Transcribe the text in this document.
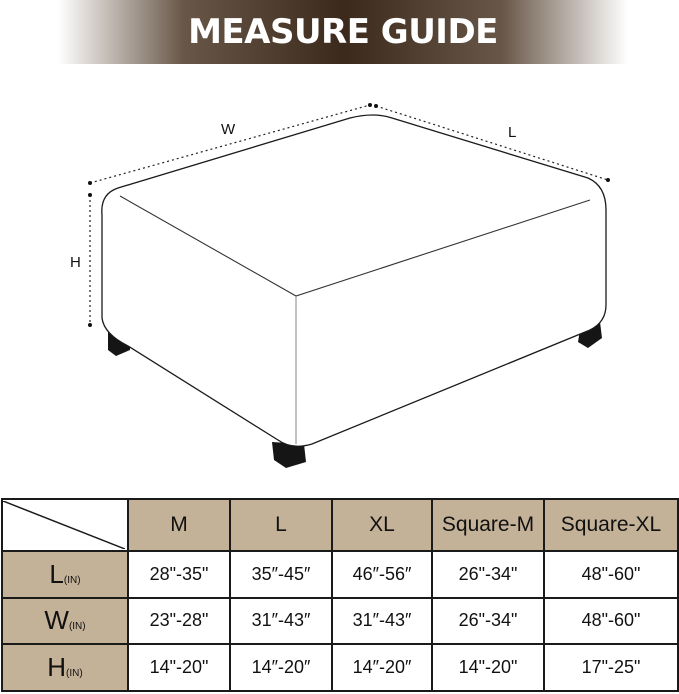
MEASURE GUIDE
W	L
H
	M	L	XL	Square-M	Square-XL
L(IN)	28"-35"	35″-45″	46″-56″	26"-34"	48"-60"
W(IN)	23"-28"	31″-43″	31″-43″	26"-34"	48"-60"
H(IN)	14"-20"	14″-20″	14″-20″	14"-20"	17"-25"
